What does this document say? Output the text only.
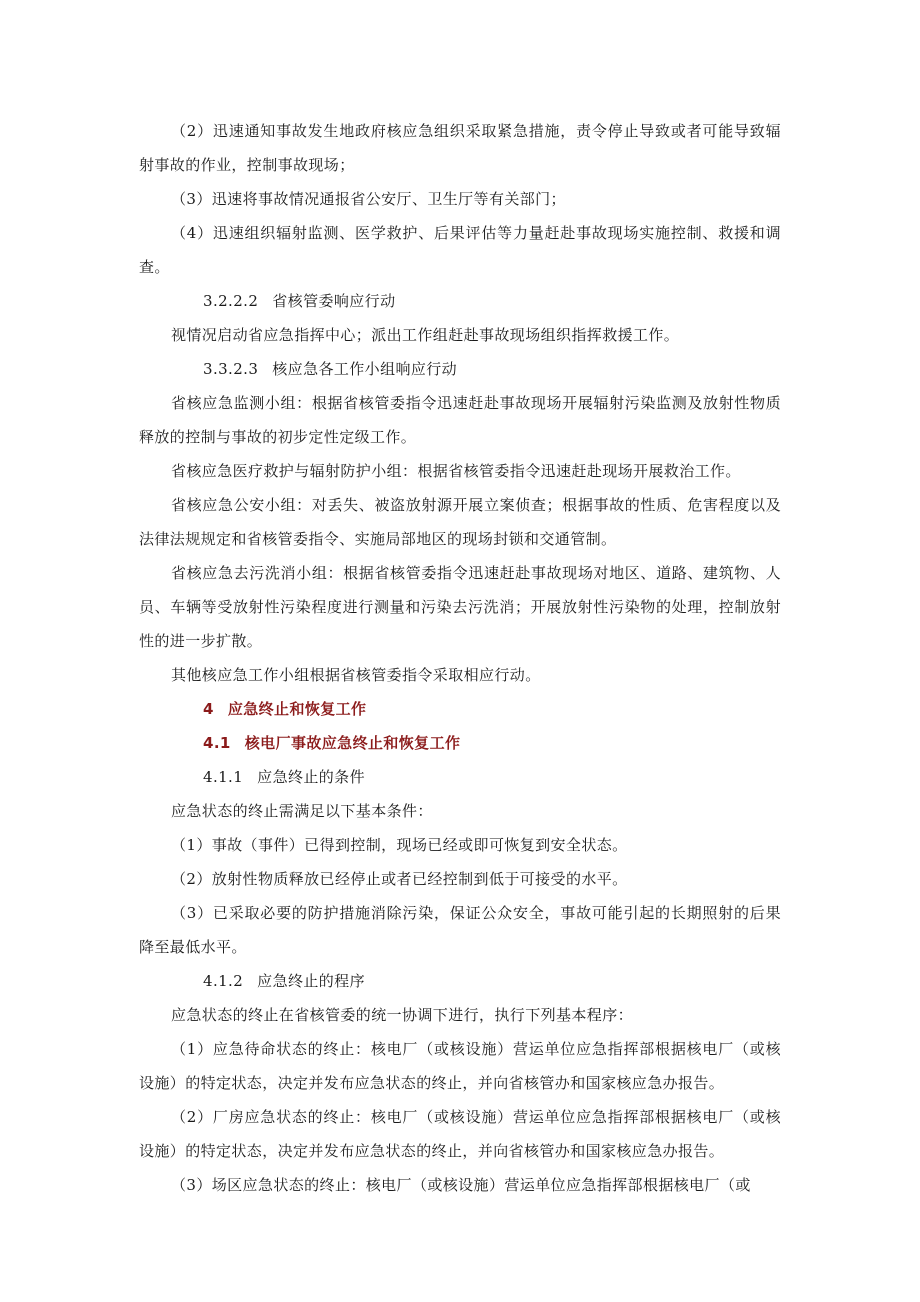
（2）迅速通知事故发生地政府核应急组织采取紧急措施，责令停止导致或者可能导致辐射事故的作业，控制事故现场；

（3）迅速将事故情况通报省公安厅、卫生厅等有关部门；

（4）迅速组织辐射监测、医学救护、后果评估等力量赶赴事故现场实施控制、救援和调查。

3.2.2.2 省核管委响应行动

视情况启动省应急指挥中心；派出工作组赶赴事故现场组织指挥救援工作。

3.3.2.3 核应急各工作小组响应行动

省核应急监测小组：根据省核管委指令迅速赶赴事故现场开展辐射污染监测及放射性物质释放的控制与事故的初步定性定级工作。

省核应急医疗救护与辐射防护小组：根据省核管委指令迅速赶赴现场开展救治工作。

省核应急公安小组：对丢失、被盗放射源开展立案侦查；根据事故的性质、危害程度以及法律法规规定和省核管委指令、实施局部地区的现场封锁和交通管制。

省核应急去污洗消小组：根据省核管委指令迅速赶赴事故现场对地区、道路、建筑物、人员、车辆等受放射性污染程度进行测量和污染去污洗消；开展放射性污染物的处理，控制放射性的进一步扩散。

其他核应急工作小组根据省核管委指令采取相应行动。

4 应急终止和恢复工作

4.1 核电厂事故应急终止和恢复工作

4.1.1 应急终止的条件

应急状态的终止需满足以下基本条件：

（1）事故（事件）已得到控制，现场已经或即可恢复到安全状态。

（2）放射性物质释放已经停止或者已经控制到低于可接受的水平。

（3）已采取必要的防护措施消除污染，保证公众安全，事故可能引起的长期照射的后果降至最低水平。

4.1.2 应急终止的程序

应急状态的终止在省核管委的统一协调下进行，执行下列基本程序：

（1）应急待命状态的终止：核电厂（或核设施）营运单位应急指挥部根据核电厂（或核设施）的特定状态，决定并发布应急状态的终止，并向省核管办和国家核应急办报告。

（2）厂房应急状态的终止：核电厂（或核设施）营运单位应急指挥部根据核电厂（或核设施）的特定状态，决定并发布应急状态的终止，并向省核管办和国家核应急办报告。

（3）场区应急状态的终止：核电厂（或核设施）营运单位应急指挥部根据核电厂（或
